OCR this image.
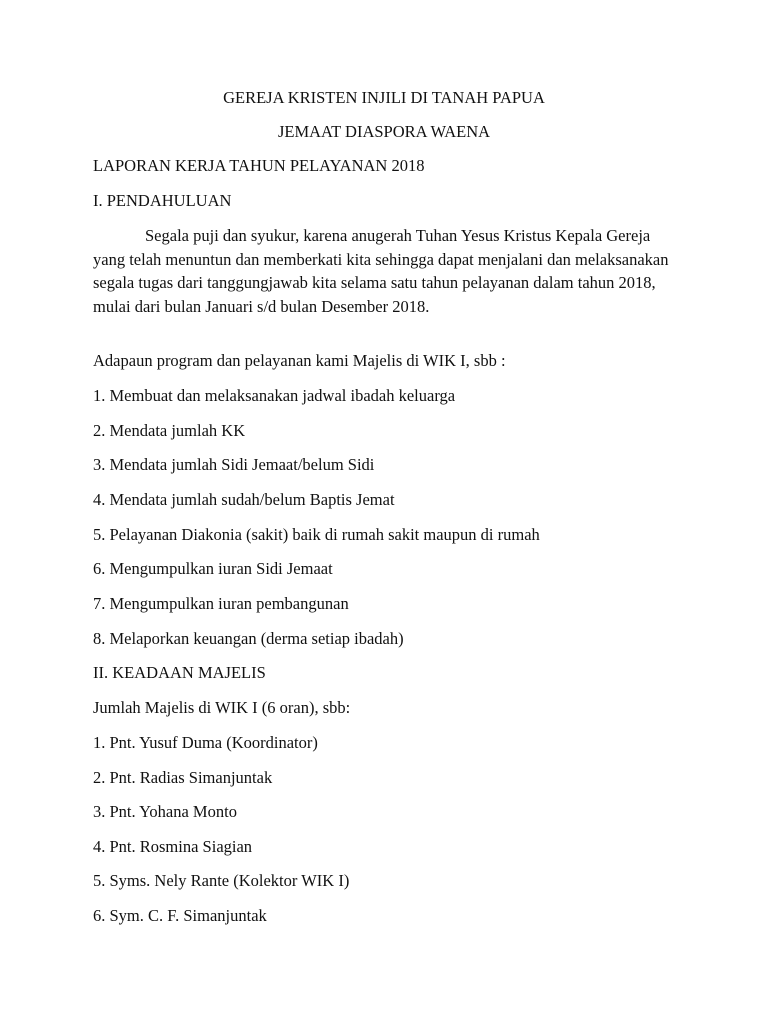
GEREJA KRISTEN INJILI DI TANAH PAPUA

JEMAAT DIASPORA WAENA

LAPORAN KERJA TAHUN PELAYANAN 2018

I. PENDAHULUAN

Segala puji dan syukur, karena anugerah Tuhan Yesus Kristus Kepala Gereja yang telah menuntun dan memberkati kita sehingga dapat menjalani dan melaksanakan segala tugas dari tanggungjawab kita selama satu tahun pelayanan dalam tahun 2018, mulai dari bulan Januari s/d bulan Desember 2018.

Adapaun program dan pelayanan kami Majelis di WIK I, sbb :

1. Membuat dan melaksanakan jadwal ibadah keluarga

2. Mendata jumlah KK

3. Mendata jumlah Sidi Jemaat/belum Sidi

4. Mendata jumlah sudah/belum Baptis Jemat

5. Pelayanan Diakonia (sakit) baik di rumah sakit maupun di rumah

6. Mengumpulkan iuran Sidi Jemaat

7. Mengumpulkan iuran pembangunan

8. Melaporkan keuangan (derma setiap ibadah)

II. KEADAAN MAJELIS

Jumlah Majelis di WIK I (6 oran), sbb:

1. Pnt. Yusuf Duma (Koordinator)

2. Pnt. Radias Simanjuntak

3. Pnt. Yohana Monto

4. Pnt. Rosmina Siagian

5. Syms. Nely Rante (Kolektor WIK I)

6. Sym. C. F. Simanjuntak
